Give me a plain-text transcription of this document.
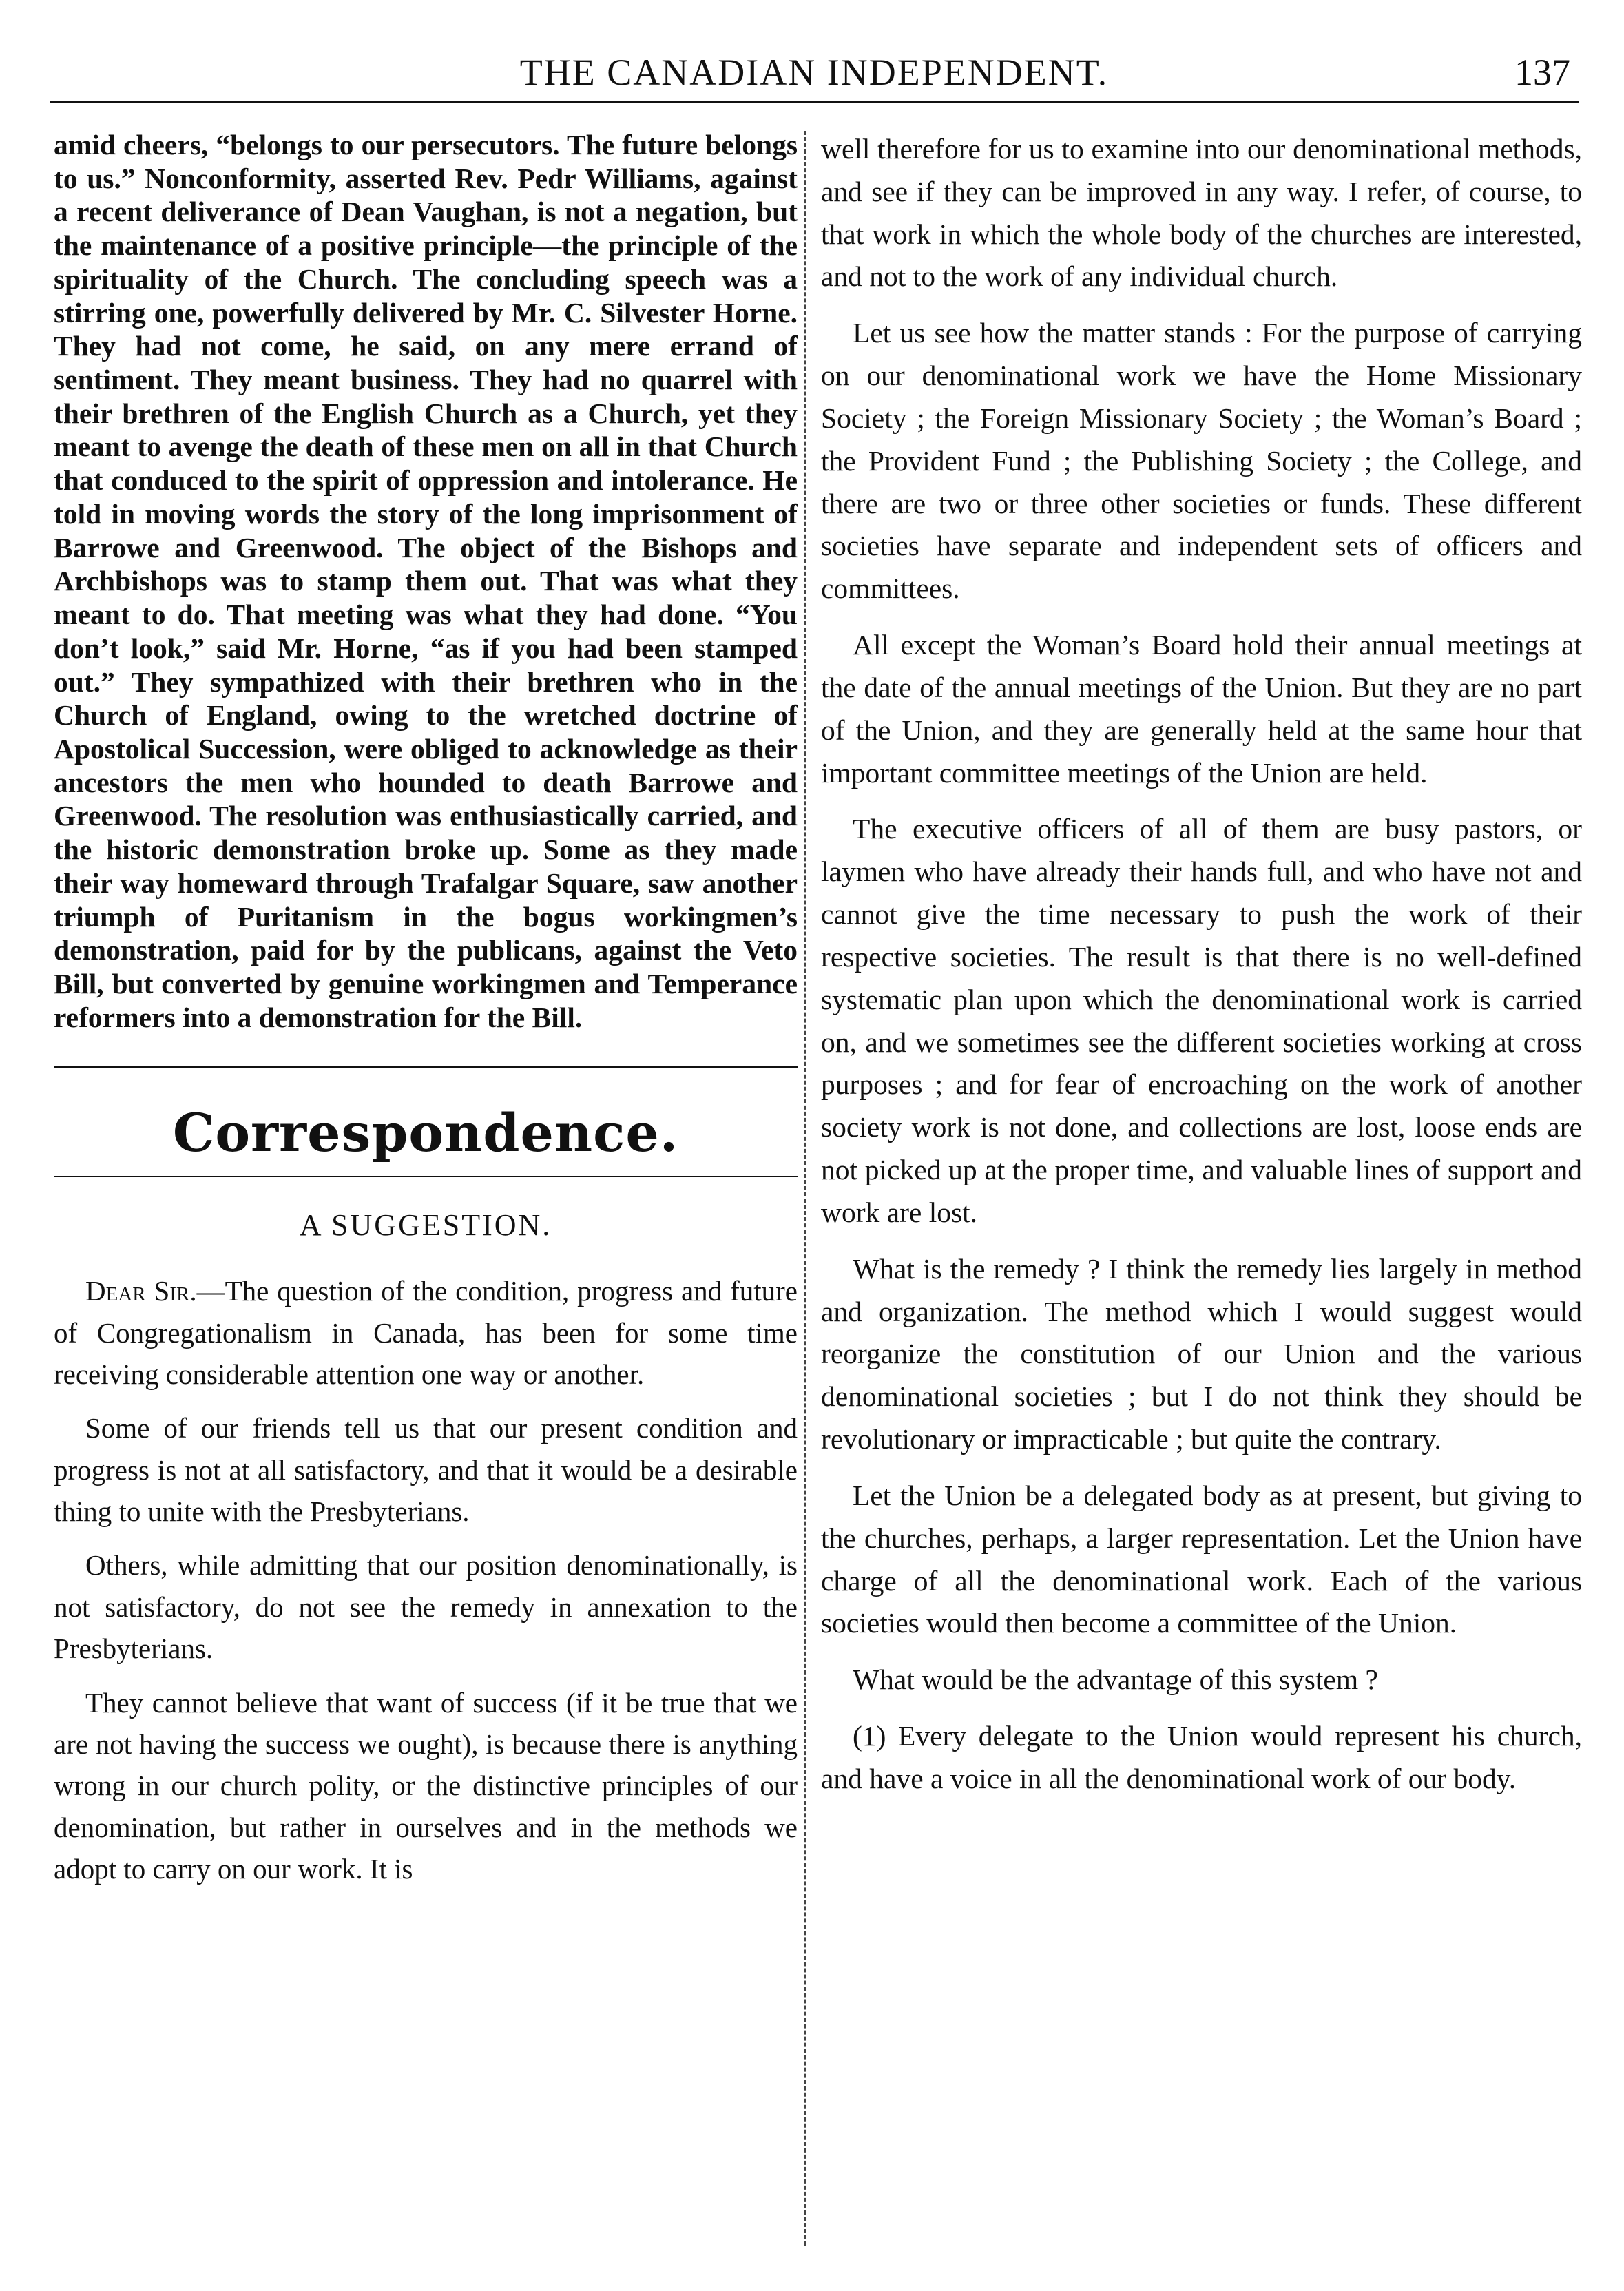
THE CANADIAN INDEPENDENT.	137

amid cheers, “belongs to our persecutors. The future belongs to us.” Nonconformity, asserted Rev. Pedr Williams, against a recent deliverance of Dean Vaughan, is not a negation, but the maintenance of a positive principle—the principle of the spirituality of the Church. The concluding speech was a stirring one, powerfully delivered by Mr. C. Silvester Horne. They had not come, he said, on any mere errand of sentiment. They meant business. They had no quarrel with their brethren of the English Church as a Church, yet they meant to avenge the death of these men on all in that Church that conduced to the spirit of oppression and intolerance. He told in moving words the story of the long imprisonment of Barrowe and Greenwood. The object of the Bishops and Archbishops was to stamp them out. That was what they meant to do. That meeting was what they had done. “You don’t look,” said Mr. Horne, “as if you had been stamped out.” They sympathized with their brethren who in the Church of England, owing to the wretched doctrine of Apostolical Succession, were obliged to acknowledge as their ancestors the men who hounded to death Barrowe and Greenwood. The resolution was enthusiastically carried, and the historic demonstration broke up. Some as they made their way homeward through Trafalgar Square, saw another triumph of Puritanism in the bogus workingmen’s demonstration, paid for by the publicans, against the Veto Bill, but converted by genuine workingmen and Temperance reformers into a demonstration for the Bill.

Correspondence.
A SUGGESTION.

Dear Sir.—The question of the condition, progress and future of Congregationalism in Canada, has been for some time receiving considerable attention one way or another.

Some of our friends tell us that our present condition and progress is not at all satisfactory, and that it would be a desirable thing to unite with the Presbyterians.

Others, while admitting that our position denominationally, is not satisfactory, do not see the remedy in annexation to the Presbyterians.

They cannot believe that want of success (if it be true that we are not having the success we ought), is because there is anything wrong in our church polity, or the distinctive principles of our denomination, but rather in ourselves and in the methods we adopt to carry on our work. It is

well therefore for us to examine into our denominational methods, and see if they can be improved in any way. I refer, of course, to that work in which the whole body of the churches are interested, and not to the work of any individual church.

Let us see how the matter stands : For the purpose of carrying on our denominational work we have the Home Missionary Society ; the Foreign Missionary Society ; the Woman’s Board ; the Provident Fund ; the Publishing Society ; the College, and there are two or three other societies or funds. These different societies have separate and independent sets of officers and committees.

All except the Woman’s Board hold their annual meetings at the date of the annual meetings of the Union. But they are no part of the Union, and they are generally held at the same hour that important committee meetings of the Union are held.

The executive officers of all of them are busy pastors, or laymen who have already their hands full, and who have not and cannot give the time necessary to push the work of their respective societies. The result is that there is no well-defined systematic plan upon which the denominational work is carried on, and we sometimes see the different societies working at cross purposes ; and for fear of encroaching on the work of another society work is not done, and collections are lost, loose ends are not picked up at the proper time, and valuable lines of support and work are lost.

What is the remedy ? I think the remedy lies largely in method and organization. The method which I would suggest would reorganize the constitution of our Union and the various denominational societies ; but I do not think they should be revolutionary or impracticable ; but quite the contrary.

Let the Union be a delegated body as at present, but giving to the churches, perhaps, a larger representation. Let the Union have charge of all the denominational work. Each of the various societies would then become a committee of the Union.

What would be the advantage of this system ?

(1) Every delegate to the Union would represent his church, and have a voice in all the denominational work of our body.
